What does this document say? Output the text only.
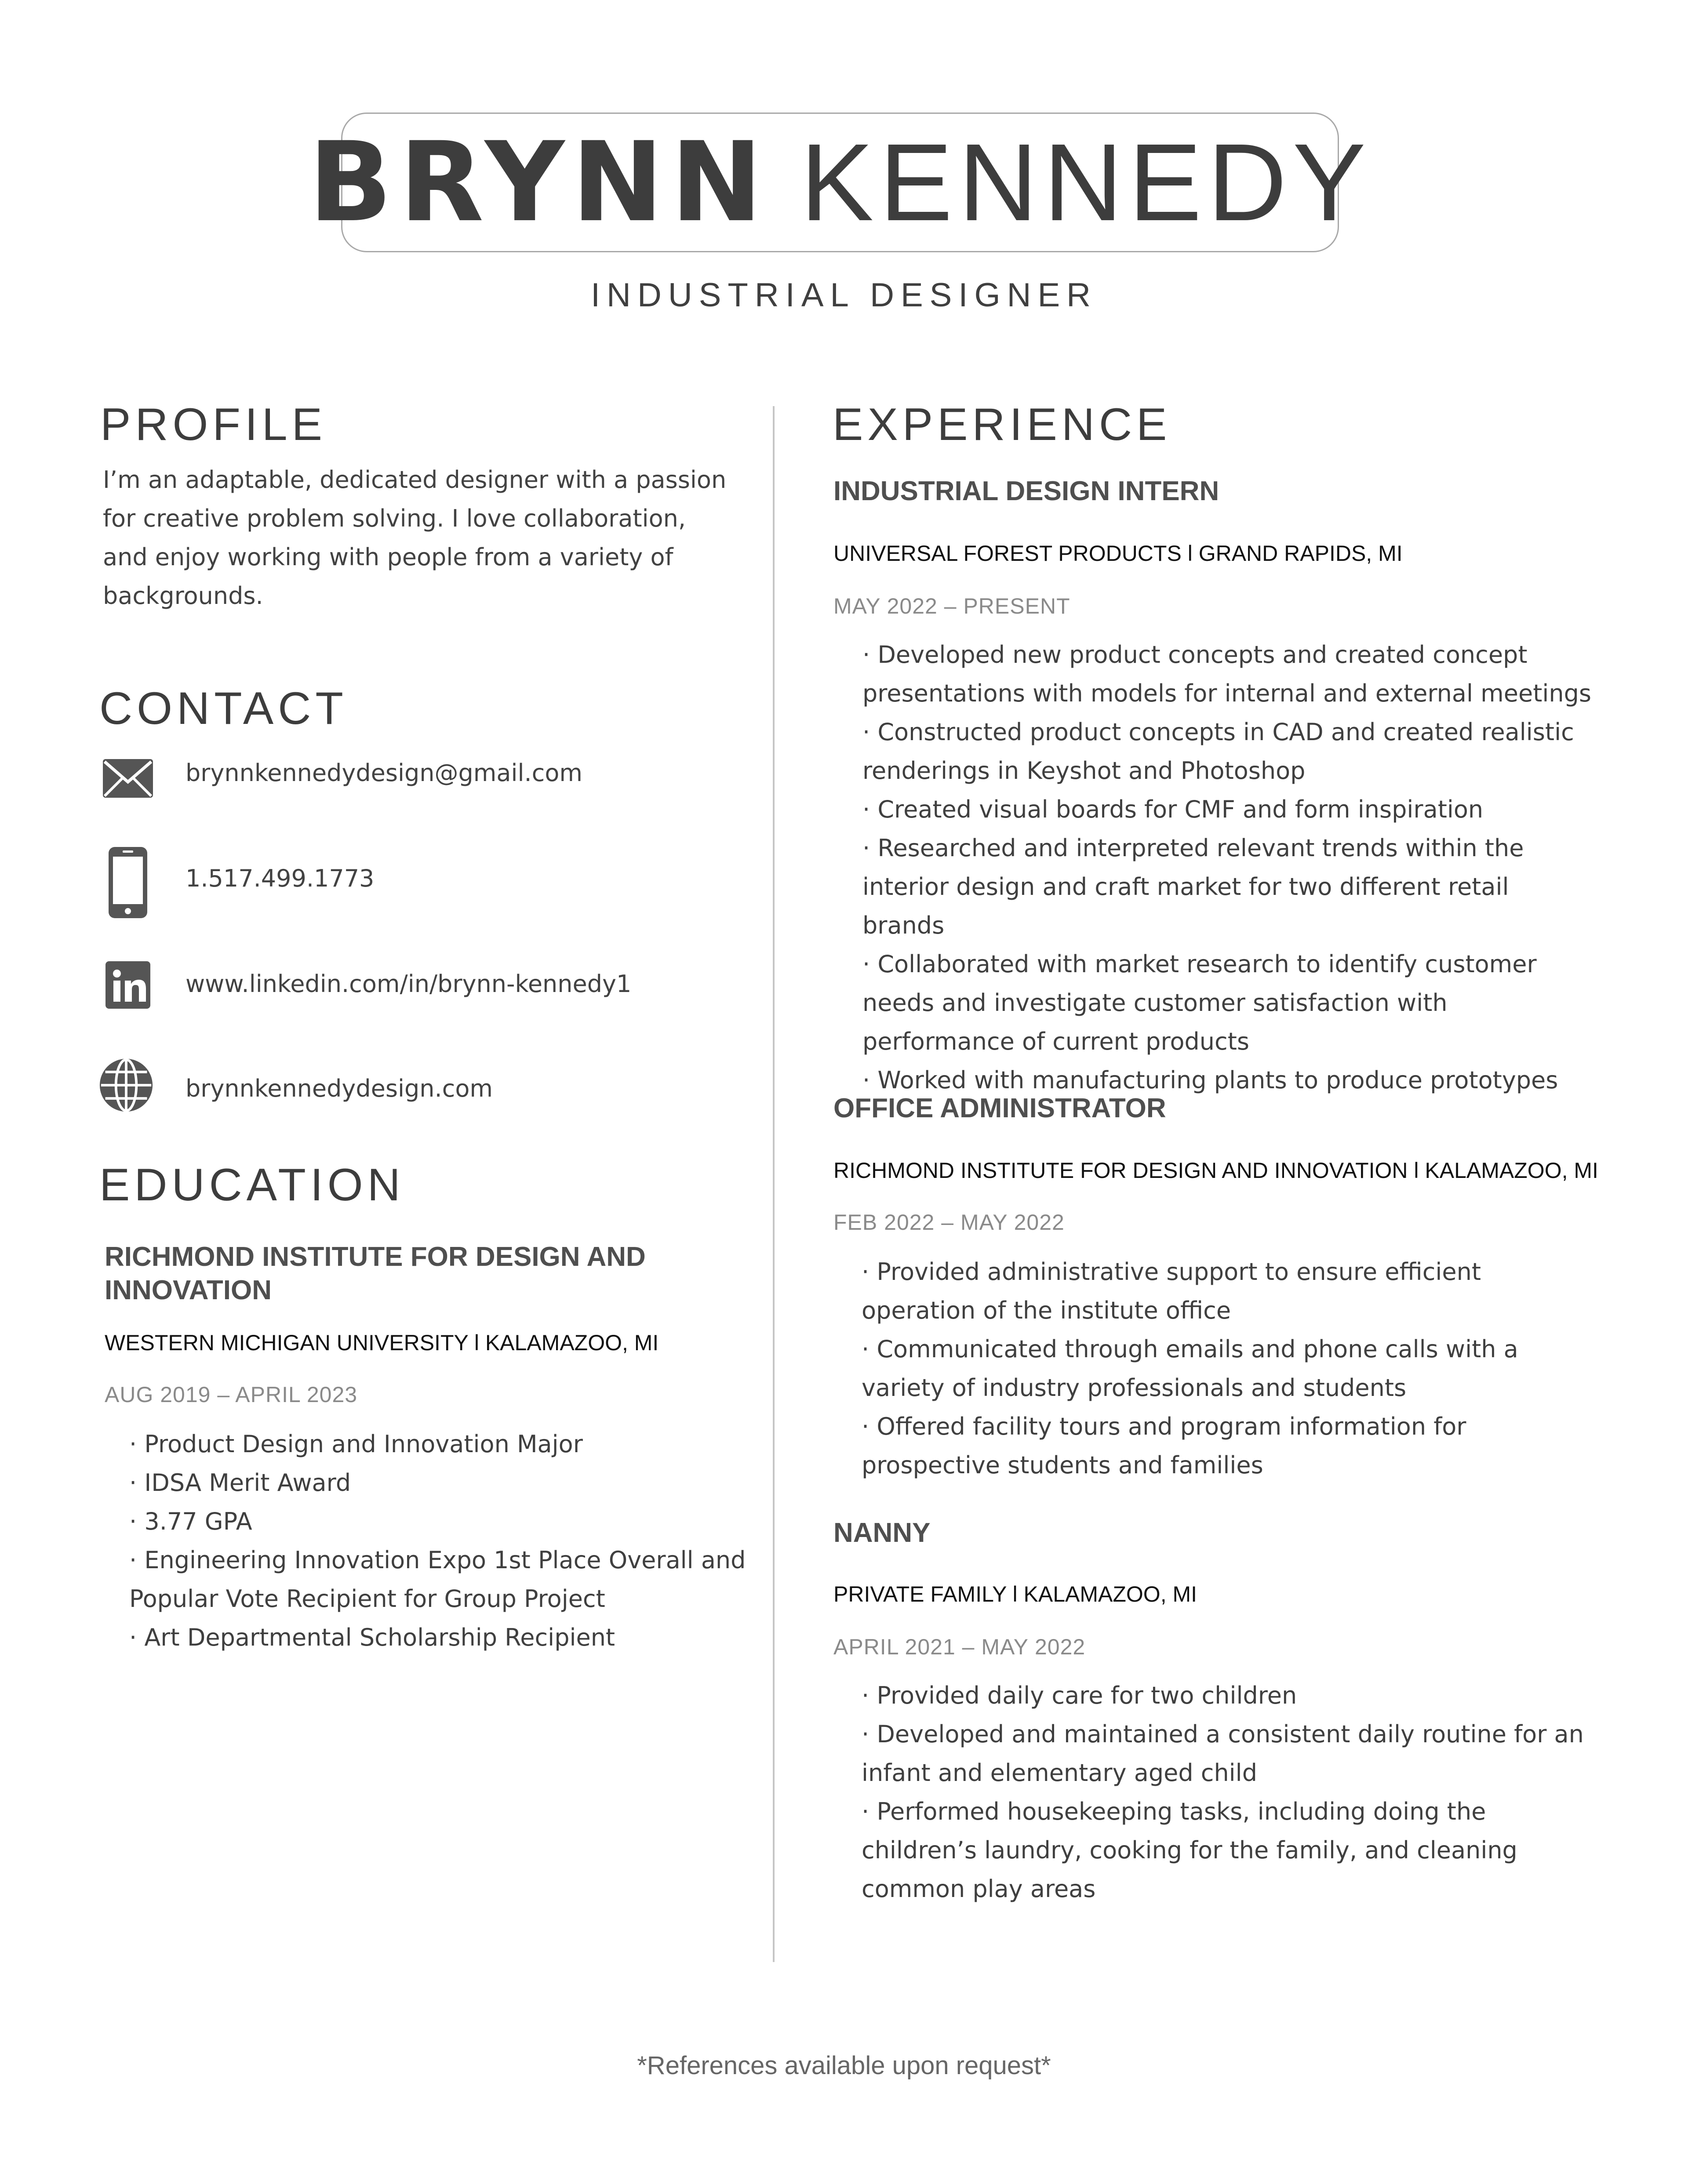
BRYNN KENNEDY
INDUSTRIAL DESIGNER
PROFILE
I’m an adaptable, dedicated designer with a passion for creative problem solving. I love collaboration, and enjoy working with people from a variety of backgrounds.
CONTACT
brynnkennedydesign@gmail.com
1.517.499.1773
www.linkedin.com/in/brynn-kennedy1
brynnkennedydesign.com
EDUCATION
RICHMOND INSTITUTE FOR DESIGN AND INNOVATION
WESTERN MICHIGAN UNIVERSITY l KALAMAZOO, MI
AUG 2019 – APRIL 2023
· Product Design and Innovation Major
· IDSA Merit Award
· 3.77 GPA
· Engineering Innovation Expo 1st Place Overall and Popular Vote Recipient for Group Project
· Art Departmental Scholarship Recipient
EXPERIENCE
INDUSTRIAL DESIGN INTERN
UNIVERSAL FOREST PRODUCTS l GRAND RAPIDS, MI
MAY 2022 – PRESENT
· Developed new product concepts and created concept presentations with models for internal and external meetings
· Constructed product concepts in CAD and created realistic renderings in Keyshot and Photoshop
· Created visual boards for CMF and form inspiration
· Researched and interpreted relevant trends within the interior design and craft market for two different retail brands
· Collaborated with market research to identify customer needs and investigate customer satisfaction with performance of current products
· Worked with manufacturing plants to produce prototypes
OFFICE ADMINISTRATOR
RICHMOND INSTITUTE FOR DESIGN AND INNOVATION l KALAMAZOO, MI
FEB 2022 – MAY 2022
· Provided administrative support to ensure efficient operation of the institute office
· Communicated through emails and phone calls with a variety of industry professionals and students
· Offered facility tours and program information for prospective students and families
NANNY
PRIVATE FAMILY l KALAMAZOO, MI
APRIL 2021 – MAY 2022
· Provided daily care for two children
· Developed and maintained a consistent daily routine for an infant and elementary aged child
· Performed housekeeping tasks, including doing the children’s laundry, cooking for the family, and cleaning common play areas
*References available upon request*
